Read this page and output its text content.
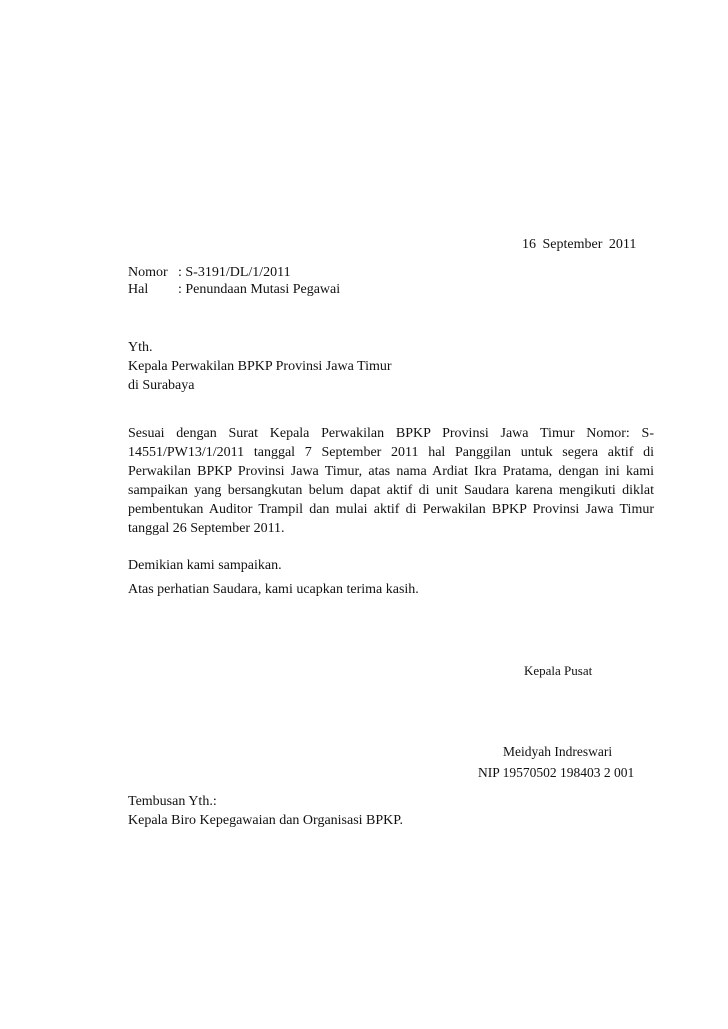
16 September 2011
Nomor : S-3191/DL/1/2011
Hal	: Penundaan Mutasi Pegawai
Yth.
Kepala Perwakilan BPKP Provinsi Jawa Timur
di Surabaya
Sesuai dengan Surat Kepala Perwakilan BPKP Provinsi Jawa Timur Nomor: S-14551/PW13/1/2011 tanggal 7 September 2011 hal Panggilan untuk segera aktif di Perwakilan BPKP Provinsi Jawa Timur, atas nama Ardiat Ikra Pratama, dengan ini kami sampaikan yang bersangkutan belum dapat aktif di unit Saudara karena mengikuti diklat pembentukan Auditor Trampil dan mulai aktif di Perwakilan BPKP Provinsi Jawa Timur tanggal 26 September 2011.
Demikian kami sampaikan.
Atas perhatian Saudara, kami ucapkan terima kasih.
Kepala Pusat
Meidyah Indreswari
NIP 19570502 198403 2 001
Tembusan Yth.:
Kepala Biro Kepegawaian dan Organisasi BPKP.
